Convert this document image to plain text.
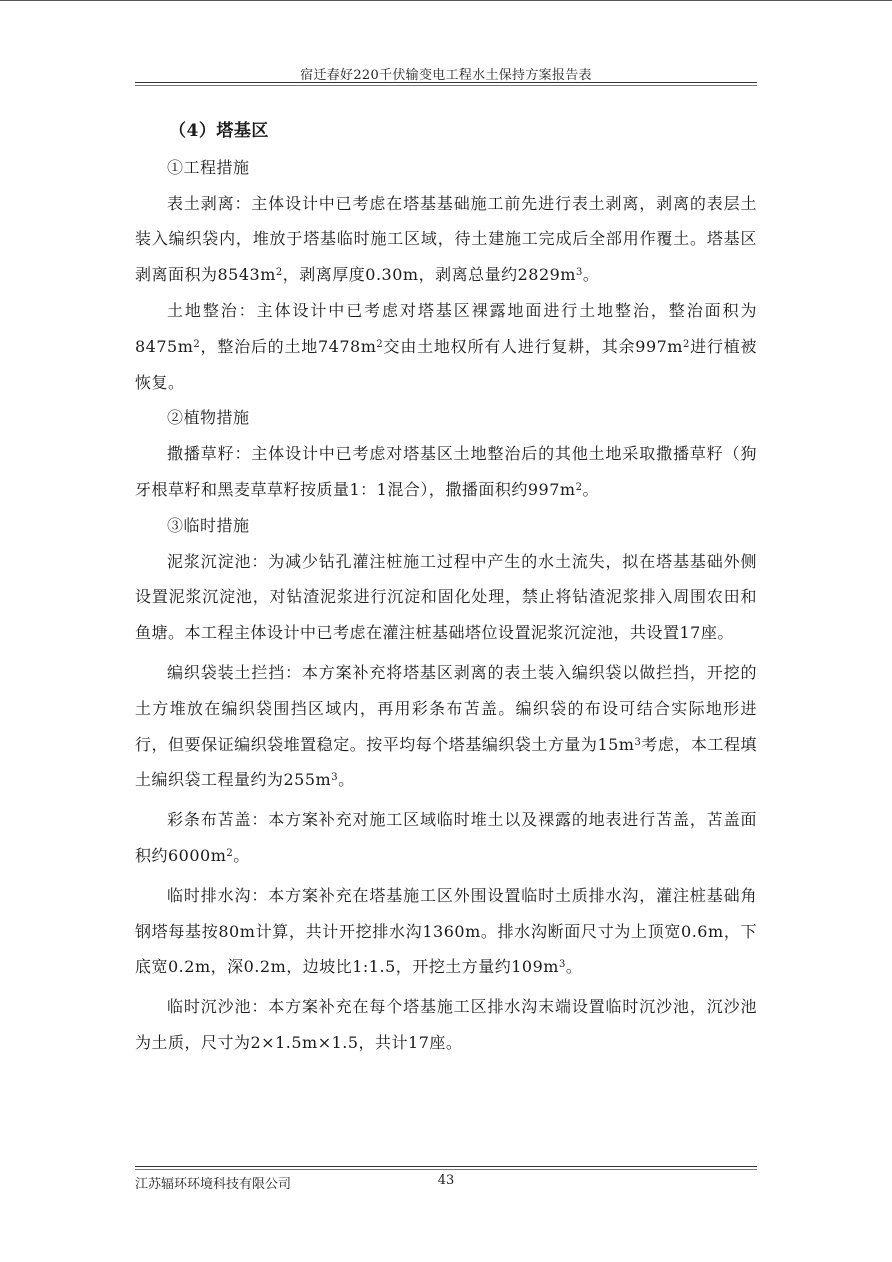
宿迁春好220千伏输变电工程水土保持方案报告表

（4）塔基区

①工程措施

表土剥离：主体设计中已考虑在塔基基础施工前先进行表土剥离，剥离的表层土装入编织袋内，堆放于塔基临时施工区域，待土建施工完成后全部用作覆土。塔基区剥离面积为$8543m^2$，剥离厚度0.30m，剥离总量约$2829m^3$。

土地整治：主体设计中已考虑对塔基区裸露地面进行土地整治，整治面积为$8475m^2$，整治后的土地$7478m^2$交由土地权所有人进行复耕，其余$997m^2$进行植被恢复。

②植物措施

撒播草籽：主体设计中已考虑对塔基区土地整治后的其他土地采取撒播草籽（狗牙根草籽和黑麦草草籽按质量1：1混合），撒播面积约$997m^2$。

③临时措施

泥浆沉淀池：为减少钻孔灌注桩施工过程中产生的水土流失，拟在塔基基础外侧设置泥浆沉淀池，对钻渣泥浆进行沉淀和固化处理，禁止将钻渣泥浆排入周围农田和鱼塘。本工程主体设计中已考虑在灌注桩基础塔位设置泥浆沉淀池，共设置17座。

编织袋装土拦挡：本方案补充将塔基区剥离的表土装入编织袋以做拦挡，开挖的土方堆放在编织袋围挡区域内，再用彩条布苫盖。编织袋的布设可结合实际地形进行，但要保证编织袋堆置稳定。按平均每个塔基编织袋土方量为$15m^3$考虑，本工程填土编织袋工程量约为$255m^3$。

彩条布苫盖：本方案补充对施工区域临时堆土以及裸露的地表进行苫盖，苫盖面积约$6000m^2$。

临时排水沟：本方案补充在塔基施工区外围设置临时土质排水沟，灌注桩基础角钢塔每基按80m计算，共计开挖排水沟1360m。排水沟断面尺寸为上顶宽0.6m，下底宽0.2m，深0.2m，边坡比1:1.5，开挖土方量约$109m^3$。

临时沉沙池：本方案补充在每个塔基施工区排水沟末端设置临时沉沙池，沉沙池为土质，尺寸为2×1.5m×1.5，共计17座。

江苏辐环环境科技有限公司	43
